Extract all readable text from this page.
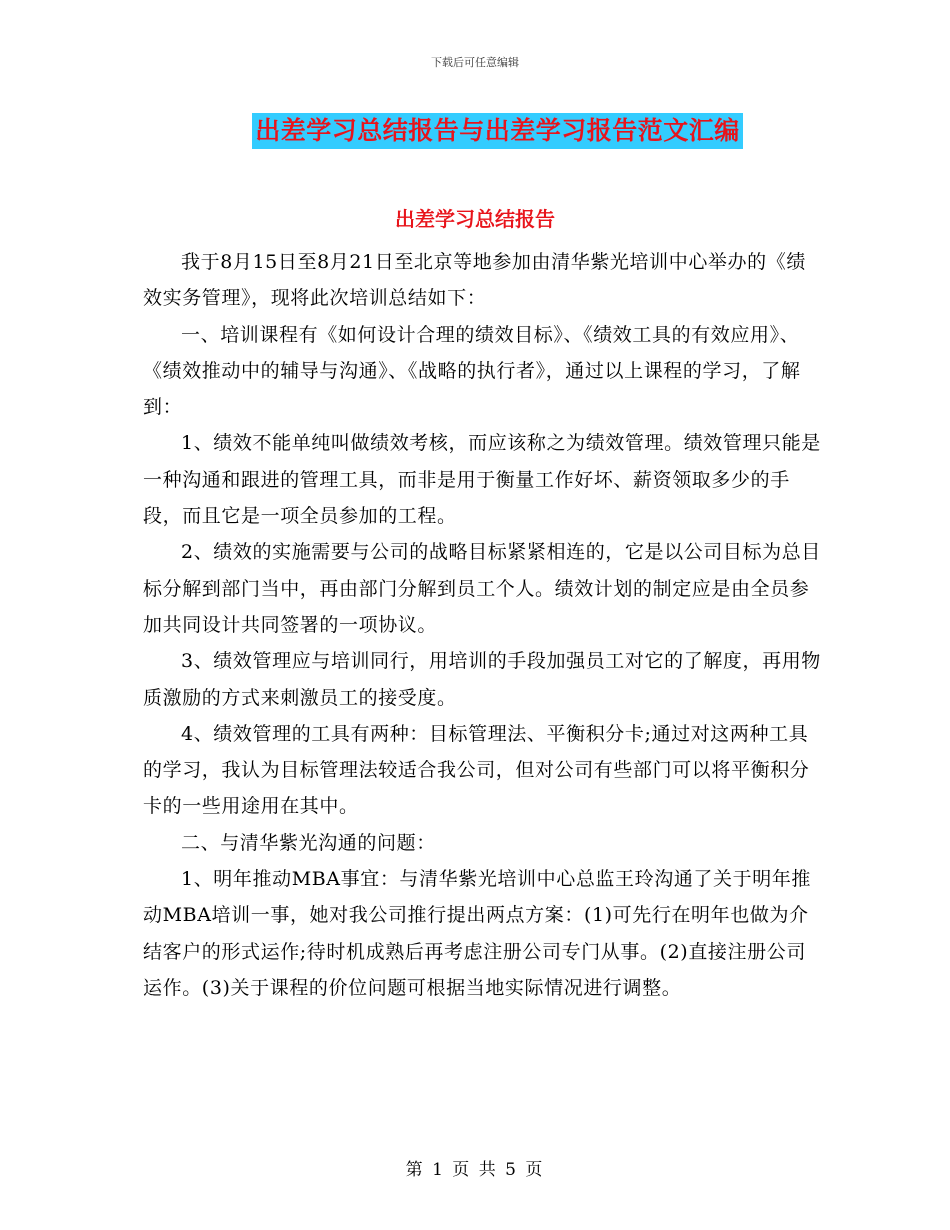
下载后可任意编辑
出差学习总结报告与出差学习报告范文汇编
出差学习总结报告

我于8月15日至8月21日至北京等地参加由清华紫光培训中心举办的《绩效实务管理》，现将此次培训总结如下：

一、培训课程有《如何设计合理的绩效目标》、《绩效工具的有效应用》、《绩效推动中的辅导与沟通》、《战略的执行者》，通过以上课程的学习，了解到：

1、绩效不能单纯叫做绩效考核，而应该称之为绩效管理。绩效管理只能是一种沟通和跟进的管理工具，而非是用于衡量工作好坏、薪资领取多少的手段，而且它是一项全员参加的工程。

2、绩效的实施需要与公司的战略目标紧紧相连的，它是以公司目标为总目标分解到部门当中，再由部门分解到员工个人。绩效计划的制定应是由全员参加共同设计共同签署的一项协议。

3、绩效管理应与培训同行，用培训的手段加强员工对它的了解度，再用物质激励的方式来刺激员工的接受度。

4、绩效管理的工具有两种：目标管理法、平衡积分卡;通过对这两种工具的学习，我认为目标管理法较适合我公司，但对公司有些部门可以将平衡积分卡的一些用途用在其中。

二、与清华紫光沟通的问题：

1、明年推动MBA事宜：与清华紫光培训中心总监王玲沟通了关于明年推动MBA培训一事，她对我公司推行提出两点方案：(1)可先行在明年也做为介结客户的形式运作;待时机成熟后再考虑注册公司专门从事。(2)直接注册公司运作。(3)关于课程的价位问题可根据当地实际情况进行调整。

第 1 页 共 5 页
